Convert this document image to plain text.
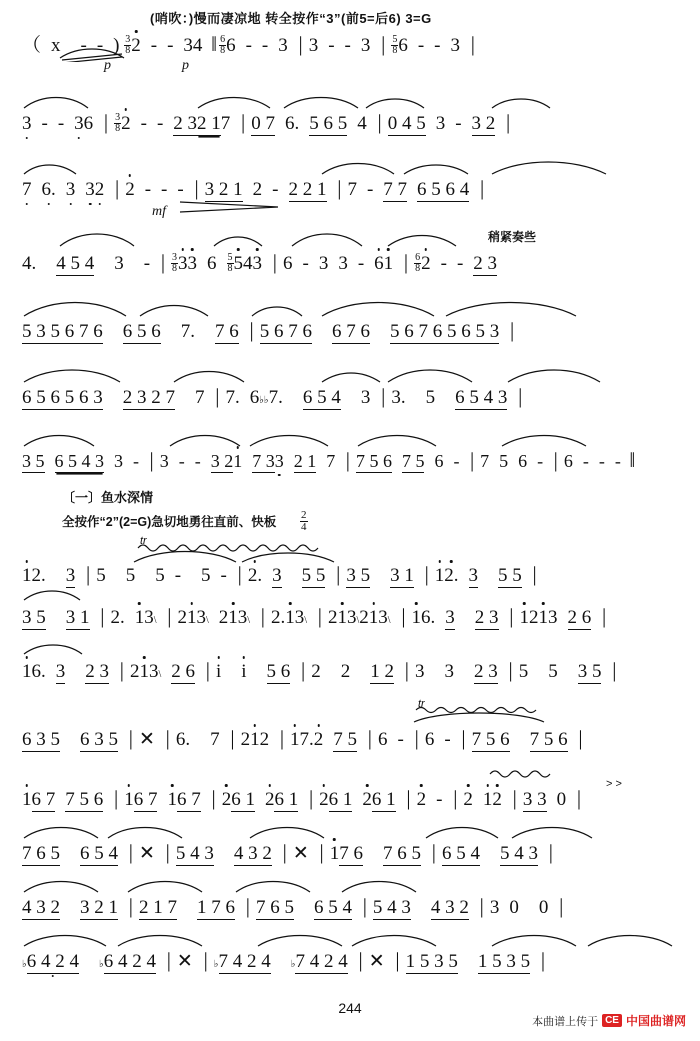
(哨吹：)慢而凄凉地 转全按作“3”(前5=后6) 3=G
（ x - - ) $\frac{3}{8} 2$ - - 34 ‖ $\frac{6}{8} 6$ - - 3 | 3 - - 3 | $\frac{5}{8} 6$ - - 3 |
p	p
3 - - 36 | $\frac{3}{8} 2$ - - 2 32 17 | 0 7 6. 5 6 5 4 | 0 4 5 3 - 3 2 |
7 6. 3 32 | 2 - - - | 3 2 1 2 - 2 2 1 | 7 - 7 7 6 5 6 4 |
mf
稍紧奏些
4. 4 5 4 3 - | $\frac{3}{8} 33$ $6 \frac{5}{8} 543$ | 6 - 3 3 - 61 | $\frac{6}{8} 2$ - - 2 3
5 3 5 6 7 6 6 5 6 7. 7 6 | 5 6 7 6 6 7 6 5 6 7 6 5 6 5 3 |
6 5 6 5 6 3 2 3 2 7 7 | 7. 6♭♭7. 6 5 4 3 | 3. 5 6 5 4 3 |
3 5 6 5 4 3 3 - | 3 - - 3 21 7 33 2 1 7 | 7 5 6 7 5 6 - | 7 5 6 - | 6 - - - ‖
〔一〕鱼水深情
全按作“2”(2=G)急切地勇往直前、快板 $\frac{2}{4}$
tr
12. 3 | 5 5 5 - 5 - | 2. 3 5 5 | 3 5 3 1 | 12. 3 5 5 |
3 5 3 1 | 2. 13\ | 213\ 213\ | 2.13\ | 213\213\ | 16. 3 2 3 | 1213 2 6 |
16. 3 2 3 | 213\ 2 6 | i i 5 6 | 2 2 1 2 | 3 3 2 3 | 5 5 3 5 |
tr
6 3 5 6 3 5 | ✕ | 6. 7 | 212 | 17.2 7 5 | 6 - | 6 - | 7 5 6 7 5 6 |
16 7 7 5 6 | 16 7 16 7 | 26 1 26 1 | 26 1 26 1 | 2 - | 2 12 | 3 3 0 |
> >
7 6 5 6 5 4 | ✕ | 5 4 3 4 3 2 | ✕ | 17 6 7 6 5 | 6 5 4 5 4 3 |
4 3 2 3 2 1 | 2 1 7 1 7 6 | 7 6 5 6 5 4 | 5 4 3 4 3 2 | 3 0 0 |
♭6 4 2 4 ♭6 4 2 4 | ✕ | ♭7 4 2 4 ♭7 4 2 4 | ✕ | 1 5 3 5 1 5 3 5 |
244
本曲谱上传于 CE 中国曲谱网
